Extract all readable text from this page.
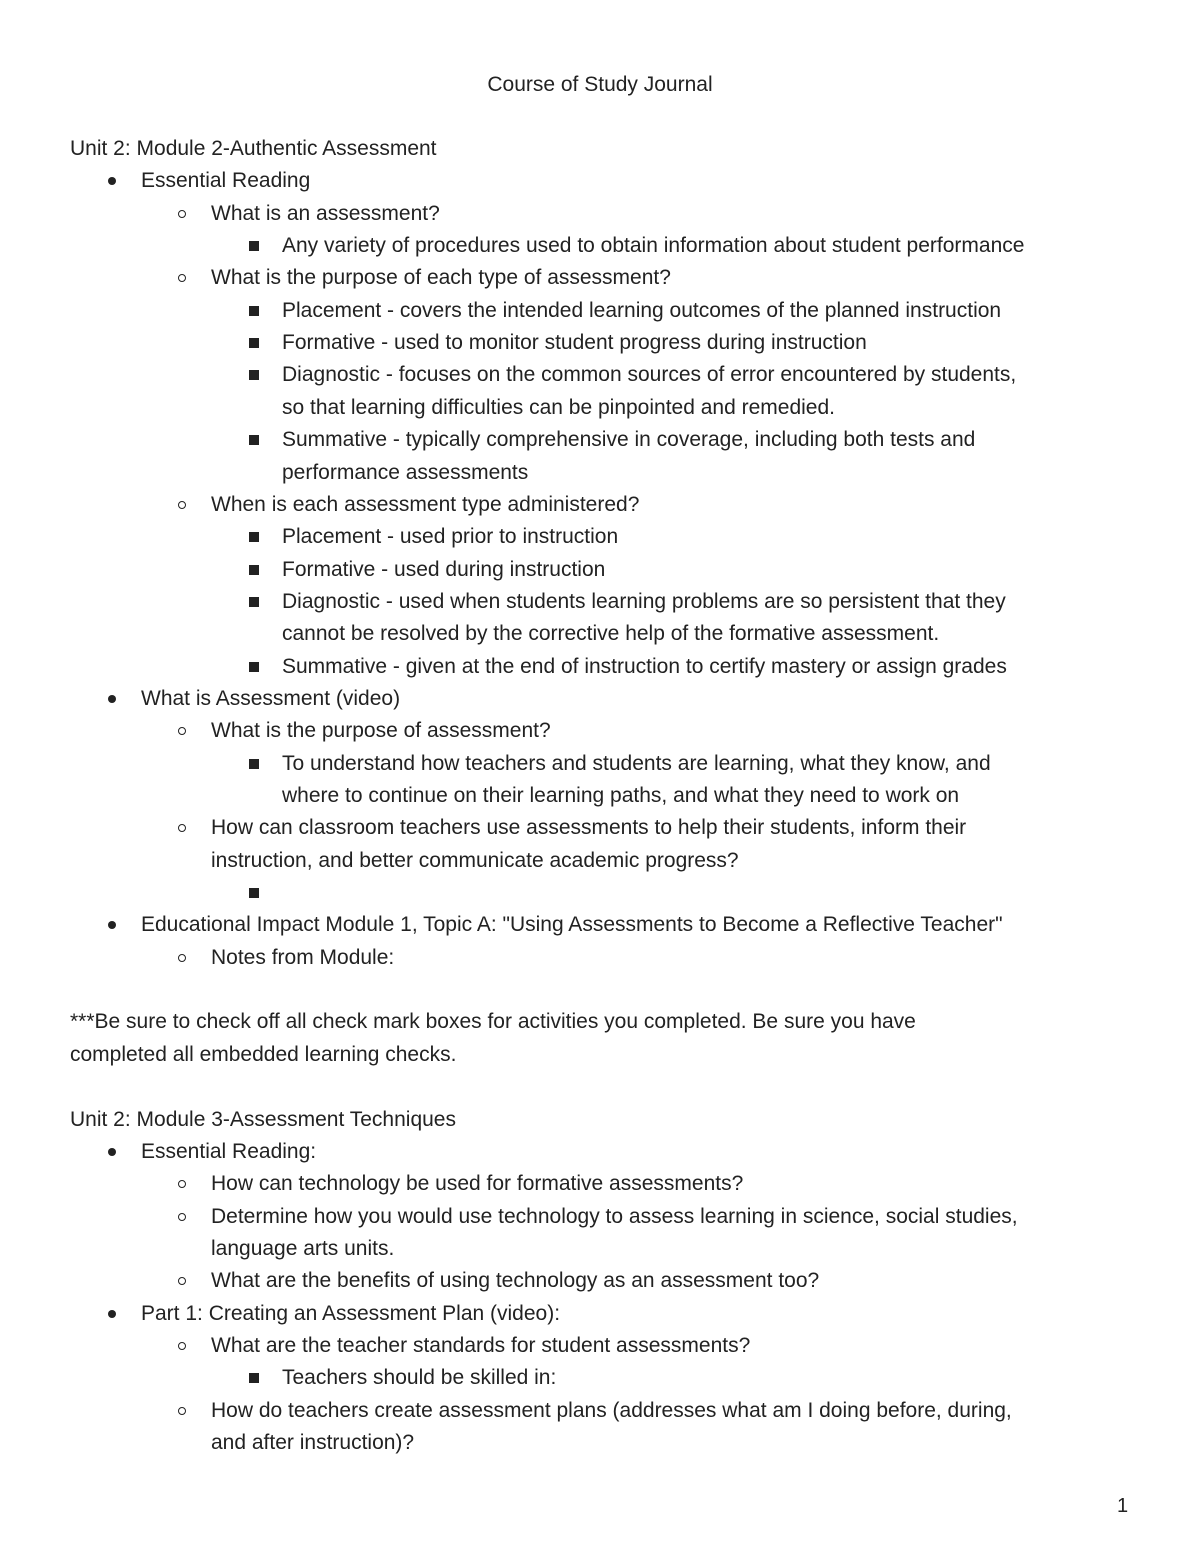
Course of Study Journal
Unit 2: Module 2-Authentic Assessment
Essential Reading
What is an assessment?
Any variety of procedures used to obtain information about student performance
What is the purpose of each type of assessment?
Placement - covers the intended learning outcomes of the planned instruction
Formative - used to monitor student progress during instruction
Diagnostic - focuses on the common sources of error encountered by students,
so that learning difficulties can be pinpointed and remedied.
Summative - typically comprehensive in coverage, including both tests and
performance assessments
When is each assessment type administered?
Placement - used prior to instruction
Formative - used during instruction
Diagnostic - used when students learning problems are so persistent that they
cannot be resolved by the corrective help of the formative assessment.
Summative - given at the end of instruction to certify mastery or assign grades
What is Assessment (video)
What is the purpose of assessment?
To understand how teachers and students are learning, what they know, and
where to continue on their learning paths, and what they need to work on
How can classroom teachers use assessments to help their students, inform their
instruction, and better communicate academic progress?
Educational Impact Module 1, Topic A: "Using Assessments to Become a Reflective Teacher"
Notes from Module:
***Be sure to check off all check mark boxes for activities you completed. Be sure you have
completed all embedded learning checks.
Unit 2: Module 3-Assessment Techniques
Essential Reading:
How can technology be used for formative assessments?
Determine how you would use technology to assess learning in science, social studies,
language arts units.
What are the benefits of using technology as an assessment too?
Part 1: Creating an Assessment Plan (video):
What are the teacher standards for student assessments?
Teachers should be skilled in:
How do teachers create assessment plans (addresses what am I doing before, during,
and after instruction)?
1
